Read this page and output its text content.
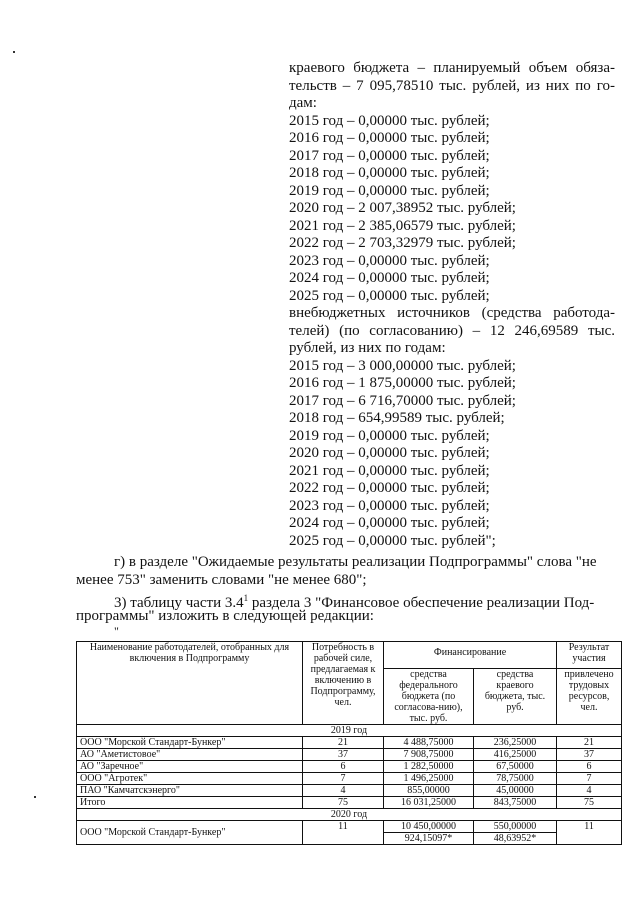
краевого бюджета – планируемый объем обяза-
тельств – 7 095,78510 тыс. рублей, из них по го-
дам:
2015 год – 0,00000 тыс. рублей;
2016 год – 0,00000 тыс. рублей;
2017 год – 0,00000 тыс. рублей;
2018 год – 0,00000 тыс. рублей;
2019 год – 0,00000 тыс. рублей;
2020 год – 2 007,38952 тыс. рублей;
2021 год – 2 385,06579 тыс. рублей;
2022 год – 2 703,32979 тыс. рублей;
2023 год – 0,00000 тыс. рублей;
2024 год – 0,00000 тыс. рублей;
2025 год – 0,00000 тыс. рублей;
внебюджетных источников (средства работода-
телей) (по согласованию) – 12 246,69589 тыс.
рублей, из них по годам:
2015 год – 3 000,00000 тыс. рублей;
2016 год – 1 875,00000 тыс. рублей;
2017 год – 6 716,70000 тыс. рублей;
2018 год – 654,99589 тыс. рублей;
2019 год – 0,00000 тыс. рублей;
2020 год – 0,00000 тыс. рублей;
2021 год – 0,00000 тыс. рублей;
2022 год – 0,00000 тыс. рублей;
2023 год – 0,00000 тыс. рублей;
2024 год – 0,00000 тыс. рублей;
2025 год – 0,00000 тыс. рублей";
г) в разделе "Ожидаемые результаты реализации Подпрограммы" слова "не
менее 753" заменить словами "не менее 680";
3) таблицу части $3.4^1$ раздела 3 "Финансовое обеспечение реализации Под-
программы" изложить в следующей редакции:
"
Наименование работодателей, отобранных для включения в Подпрограмму	Потребность в рабочей силе, предлагаемая к включению в Подпрограмму, чел.	Финансирование		Результат участия
		средства федерального бюджета (по согласова-нию), тыс. руб.	средства краевого бюджета, тыс. руб.	привлечено трудовых ресурсов, чел.
2019 год				
ООО "Морской Стандарт-Бункер"	21	4 488,75000	236,25000	21
АО "Аметистовое"	37	7 908,75000	416,25000	37
АО "Заречное"	6	1 282,50000	67,50000	6
ООО "Агротек"	7	1 496,25000	78,75000	7
ПАО "Камчатскэнерго"	4	855,00000	45,00000	4
Итого	75	16 031,25000	843,75000	75
2020 год				
ООО "Морской Стандарт-Бункер"	11	10 450,00000	550,00000	11
		924,15097*	48,63952*	
